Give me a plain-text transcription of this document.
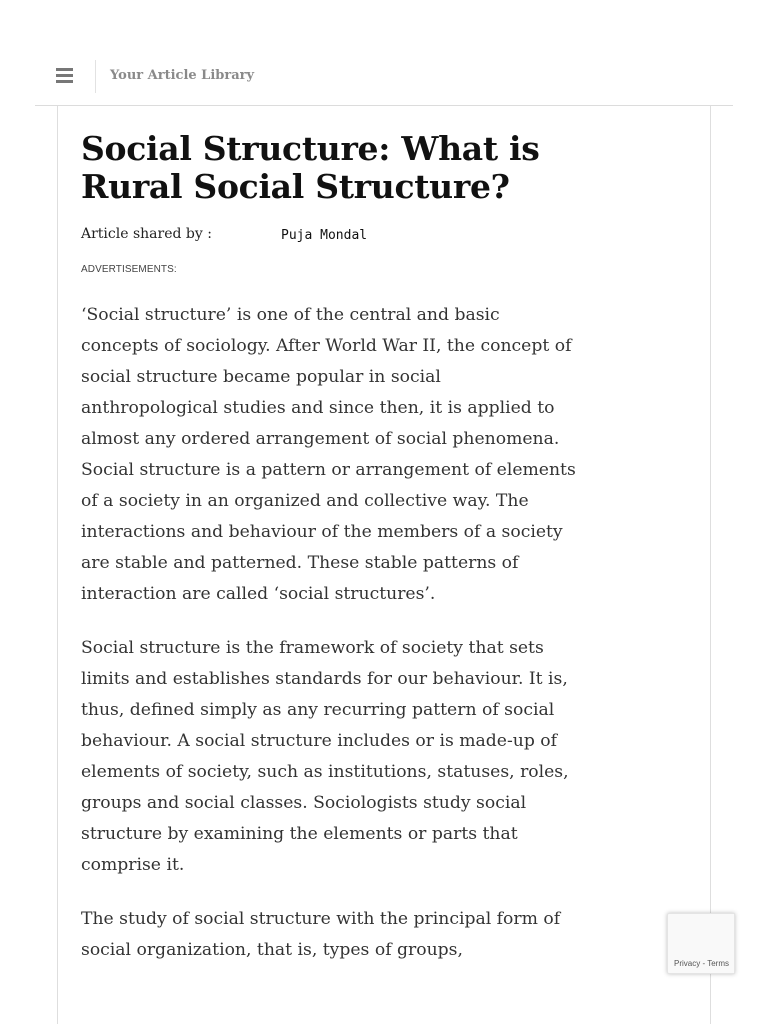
Your Article Library
Social Structure: What is Rural Social Structure?
Article shared by :	Puja Mondal
ADVERTISEMENTS:

‘Social structure’ is one of the central and basic concepts of sociology. After World War II, the concept of social structure became popular in social anthropological studies and since then, it is applied to almost any ordered arrangement of social phenomena. Social structure is a pattern or arrangement of elements of a society in an organized and collective way. The interactions and behaviour of the members of a society are stable and patterned. These stable patterns of interaction are called ‘social structures’.

Social structure is the framework of society that sets limits and establishes standards for our behaviour. It is, thus, defined simply as any recurring pattern of social behaviour. A social structure includes or is made-up of elements of society, such as institutions, statuses, roles, groups and social classes. Sociologists study social structure by examining the elements or parts that comprise it.

The study of social structure with the principal form of social organization, that is, types of groups,

Privacy - Terms
